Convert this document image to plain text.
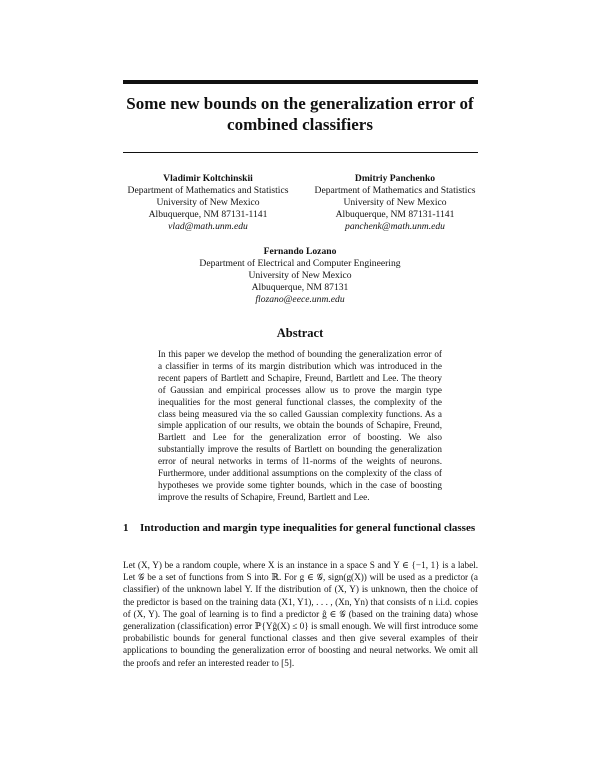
Some new bounds on the generalization error of combined classifiers
Vladimir Koltchinskii
Department of Mathematics and Statistics
University of New Mexico
Albuquerque, NM 87131-1141
vlad@math.unm.edu
Dmitriy Panchenko
Department of Mathematics and Statistics
University of New Mexico
Albuquerque, NM 87131-1141
panchenk@math.unm.edu
Fernando Lozano
Department of Electrical and Computer Engineering
University of New Mexico
Albuquerque, NM 87131
flozano@eece.unm.edu
Abstract
In this paper we develop the method of bounding the generalization error of a classifier in terms of its margin distribution which was introduced in the recent papers of Bartlett and Schapire, Freund, Bartlett and Lee. The theory of Gaussian and empirical processes allow us to prove the margin type inequalities for the most general functional classes, the complexity of the class being measured via the so called Gaussian complexity functions. As a simple application of our results, we obtain the bounds of Schapire, Freund, Bartlett and Lee for the generalization error of boosting. We also substantially improve the results of Bartlett on bounding the generalization error of neural networks in terms of l1-norms of the weights of neurons. Furthermore, under additional assumptions on the complexity of the class of hypotheses we provide some tighter bounds, which in the case of boosting improve the results of Schapire, Freund, Bartlett and Lee.
1	Introduction and margin type inequalities for general functional classes
Let (X, Y) be a random couple, where X is an instance in a space S and Y ∈ {−1, 1} is a label. Let 𝒢 be a set of functions from S into ℝ. For g ∈ 𝒢, sign(g(X)) will be used as a predictor (a classifier) of the unknown label Y. If the distribution of (X, Y) is unknown, then the choice of the predictor is based on the training data (X1, Y1), . . . , (Xn, Yn) that consists of n i.i.d. copies of (X, Y). The goal of learning is to find a predictor ĝ ∈ 𝒢 (based on the training data) whose generalization (classification) error ℙ{Yĝ(X) ≤ 0} is small enough. We will first introduce some probabilistic bounds for general functional classes and then give several examples of their applications to bounding the generalization error of boosting and neural networks. We omit all the proofs and refer an interested reader to [5].
